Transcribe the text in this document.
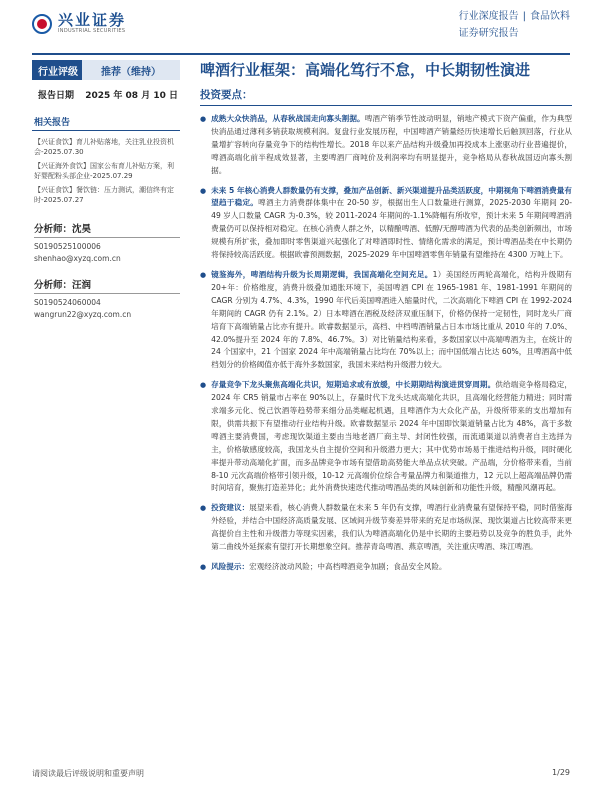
兴业证券
INDUSTRIAL SECURITIES
行业深度报告 | 食品饮料
证券研究报告
行业评级	推荐（维持）
报告日期 2025 年 08 月 10 日
相关报告
【兴证食饮】育儿补贴落地，关注乳业投资机会-2025.07.30
【兴证海外食饮】国家公布育儿补贴方案，利好婴配粉头部企业-2025.07.29
【兴证食饮】餐饮链：压力测试，潮信终有定时-2025.07.27
分析师：沈昊
S0190525100006
shenhao@xyzq.com.cn
分析师：汪润
S0190524060004
wangrun22@xyzq.com.cn
啤酒行业框架：高端化笃行不怠，中长期韧性演进
投资要点：
● 成熟大众快消品，从春秋战国走向寡头割据。啤酒产销季节性波动明显，销地产模式下资产偏重，作为典型快消品通过薄利多销获取规模利润。复盘行业发展历程，中国啤酒产销量经历快速增长后触顶回落，行业从量增扩容转向存量竞争下的结构性增长。2018 年以来产品结构升级叠加再投成本上涨驱动行业普遍提价，啤酒高端化前半程成效显著，主要啤酒厂商吨价及利润率均有明显提升，竞争格局从春秋战国迈向寡头割据。

● 未来 5 年核心消费人群数量仍有支撑，叠加产品创新、新兴渠道提升品类活跃度，中期视角下啤酒消费量有望趋于稳定。啤酒主力消费群体集中在 20-50 岁，根据出生人口数量进行测算，2025-2030 年期间 20-49 岁人口数量 CAGR 为-0.3%，较 2011-2024 年期间的-1.1%降幅有所收窄，预计未来 5 年期间啤酒消费量仍可以保持相对稳定。在核心消费人群之外，以精酿啤酒、低醇/无醇啤酒为代表的品类创新频出，市场规模有所扩张，叠加即时零售渠道兴起强化了对啤酒即时性、情绪化需求的满足，预计啤酒品类在中长期仍将保持较高活跃度。根据欧睿预测数据，2025-2029 年中国啤酒零售年销量有望维持在 4300 万吨上下。

● 镜鉴海外，啤酒结构升级为长周期逻辑，我国高端化空间充足。1）美国经历两轮高端化，结构升级期有 20+年：价格维度，消费升级叠加通胀环境下，美国啤酒 CPI 在 1965-1981 年、1981-1991 年期间的 CAGR 分别为 4.7%、4.3%，1990 年代后美国啤酒进入缩量时代，二次高端化下啤酒 CPI 在 1992-2024 年期间的 CAGR 仍有 2.1%。2）日本啤酒在酒税及经济双重压制下，价格仍保持一定韧性，同时龙头厂商培育下高端销量占比亦有提升。欧睿数据显示，高档、中档啤酒销量占日本市场比重从 2010 年的 7.0%、42.0%提升至 2024 年的 7.8%、46.7%。3）对比销量结构来看，多数国家以中高端啤酒为主，在统计的 24 个国家中，21 个国家 2024 年中高端销量占比均在 70%以上；而中国低端占比达 60%，且啤酒高中低档划分的价格阈值亦低于海外多数国家，我国未来结构升级潜力较大。

● 存量竞争下龙头聚焦高端化共识，短期追求或有放缓，中长期期结构演进贯穿周期。供给端竞争格局稳定，2024 年 CR5 销量市占率在 90%以上，存量时代下龙头达成高端化共识，且高端化经营能力精进；同时需求端多元化、悦己饮酒等趋势带来细分品类崛起机遇，且啤酒作为大众化产品，升级所带来的支出增加有限，供需共振下有望推动行业结构升级。欧睿数据显示 2024 年中国即饮渠道销量占比为 48%，高于多数啤酒主要消费国，考虑现饮渠道主要由当地老酒厂商主导、封闭性较强，而流通渠道以消费者自主选择为主，价格敏感度较高，我国龙头自主提价空间和升级潜力更大；其中优势市场易于推进结构升级，同时硬化率提升带动高端化扩面，而多品牌竞争市场有望借助高势能大单品点状突破。产品端，分价格带来看，当前 8-10 元次高端价格带引领升级，10-12 元高端价位综合考量品牌力和渠道推力，12 元以上超高端品牌仍需时间培育，聚焦打造差异化；此外消费快速迭代推动啤酒品类的风味创新和功能性升级，精酿风潮再起。

● 投资建议：展望来看，核心消费人群数量在未来 5 年仍有支撑，啤酒行业消费量有望保持平稳，同时借鉴海外经验，并结合中国经济高质量发展、区域间升级节奏差异带来的充足市场纵深、现饮渠道占比较高带来更高提价自主性和升级潜力等现实因素，我们认为啤酒高端化仍是中长期的主要趋势以及竞争的胜负手，此外第二曲线外延探索有望打开长期想象空间。推荐青岛啤酒、燕京啤酒，关注重庆啤酒、珠江啤酒。

● 风险提示：宏观经济波动风险；中高档啤酒竞争加剧；食品安全风险。

请阅读最后评级说明和重要声明	1/29
